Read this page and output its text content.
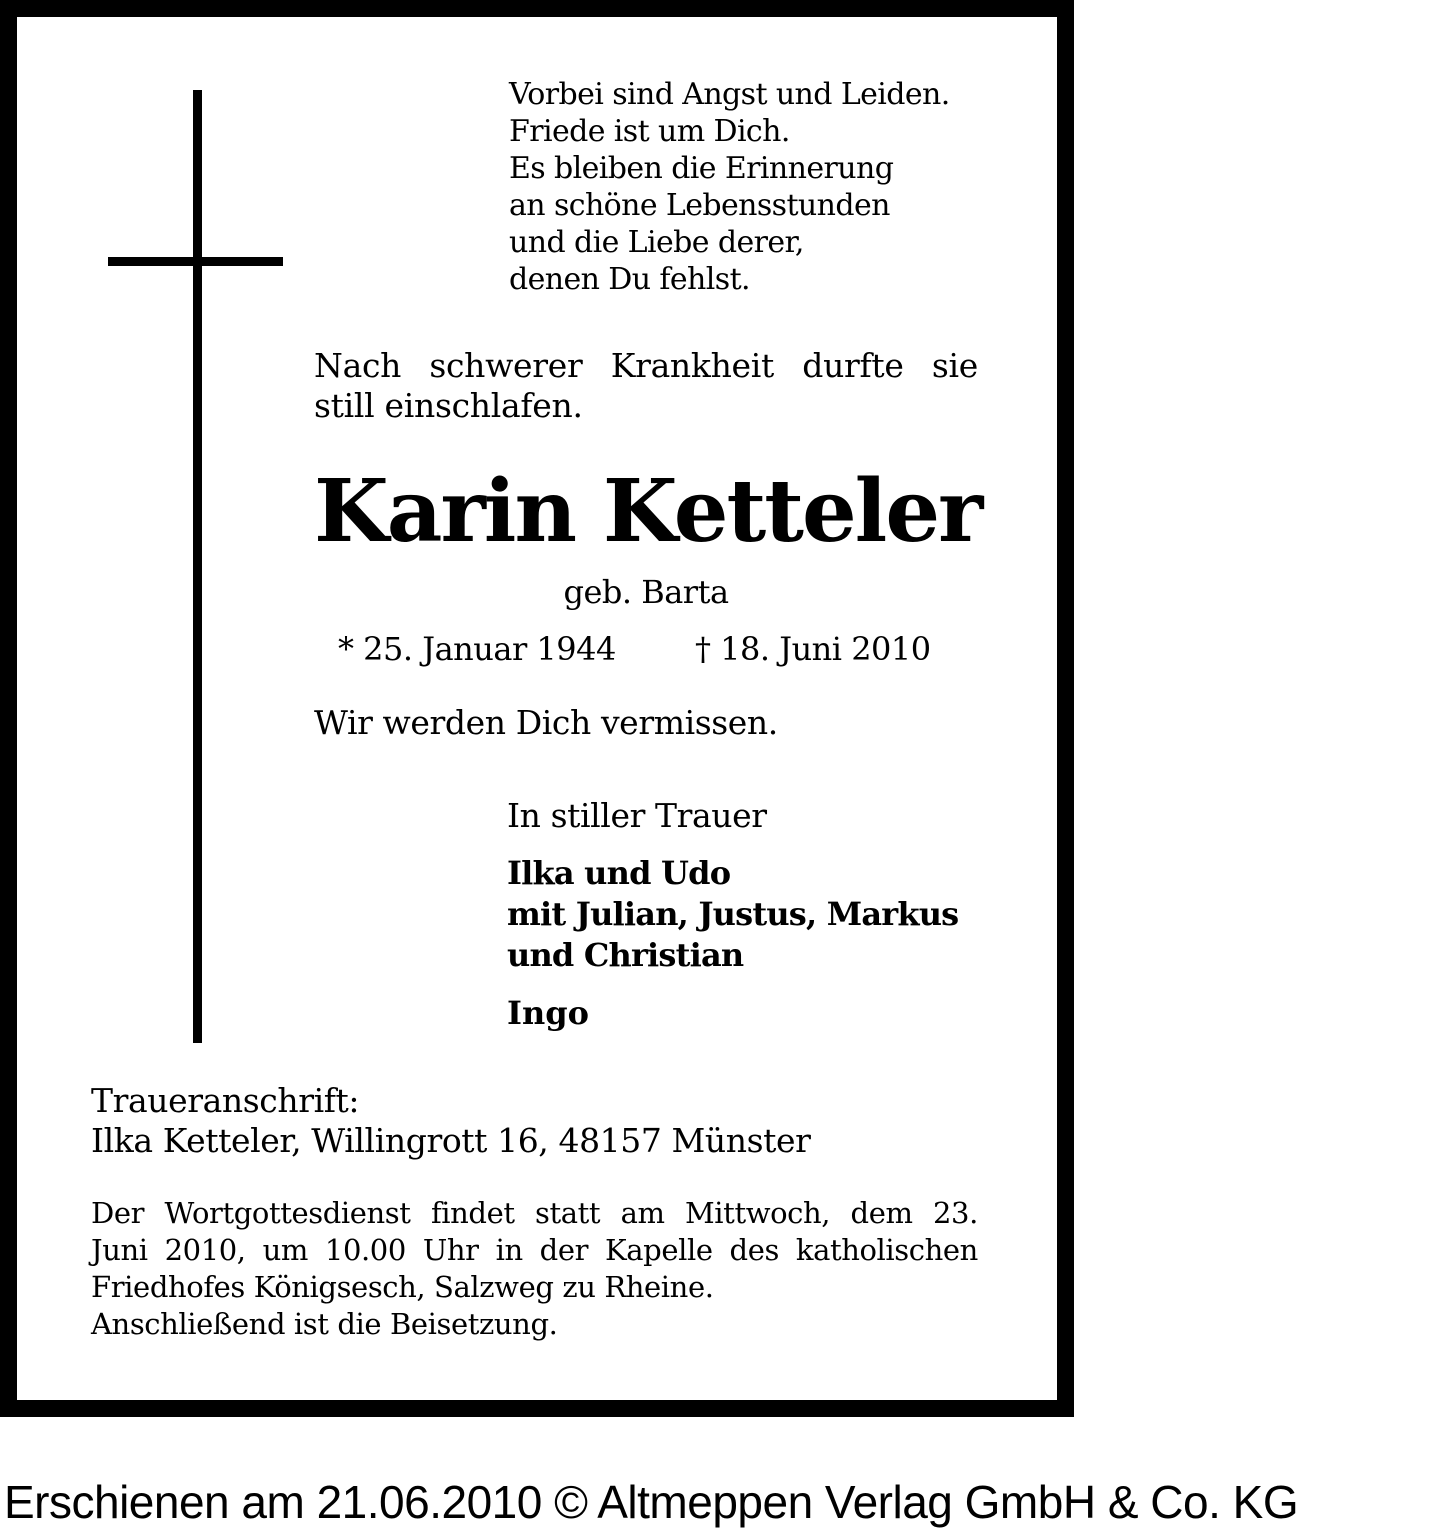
Vorbei sind Angst und Leiden.
Friede ist um Dich.
Es bleiben die Erinnerung
an schöne Lebensstunden
und die Liebe derer,
denen Du fehlst.
Nach schwerer Krankheit durfte sie
still einschlafen.
Karin Ketteler
geb. Barta
* 25. Januar 1944 † 18. Juni 2010
Wir werden Dich vermissen.
In stiller Trauer
Ilka und Udo
mit Julian, Justus, Markus
und Christian
Ingo
Traueranschrift:
Ilka Ketteler, Willingrott 16, 48157 Münster
Der Wortgottesdienst findet statt am Mittwoch, dem 23.
Juni 2010, um 10.00 Uhr in der Kapelle des katholischen
Friedhofes Königsesch, Salzweg zu Rheine.
Anschließend ist die Beisetzung.
Erschienen am 21.06.2010 © Altmeppen Verlag GmbH & Co. KG
